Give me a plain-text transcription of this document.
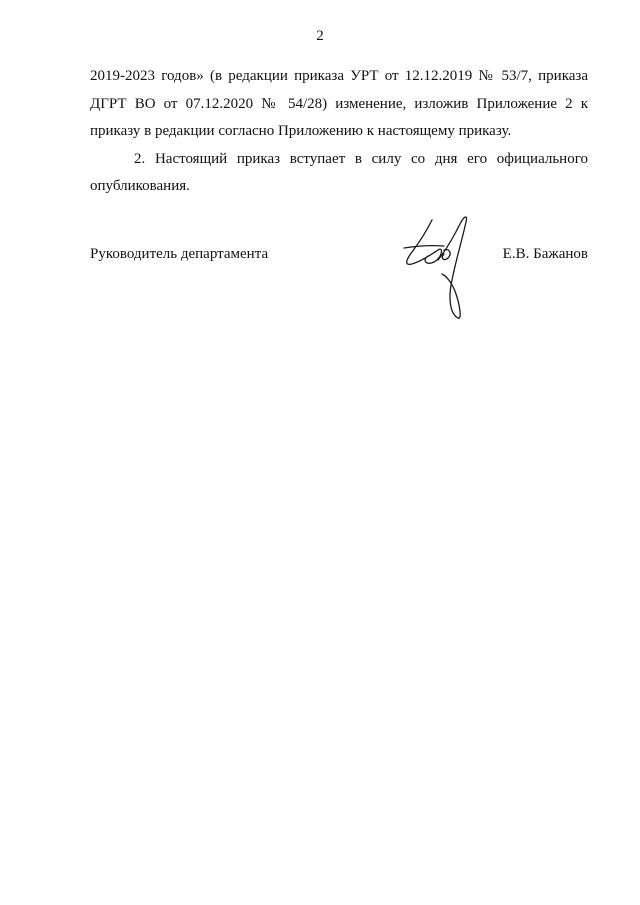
2

2019-2023 годов» (в редакции приказа УРТ от 12.12.2019 № 53/7, приказа
ДГРТ ВО от 07.12.2020 № 54/28) изменение, изложив Приложение 2 к
приказу в редакции согласно Приложению к настоящему приказу.

2. Настоящий приказ вступает в силу со дня его официального
опубликования.

Руководитель департамента	Е.В. Бажанов
